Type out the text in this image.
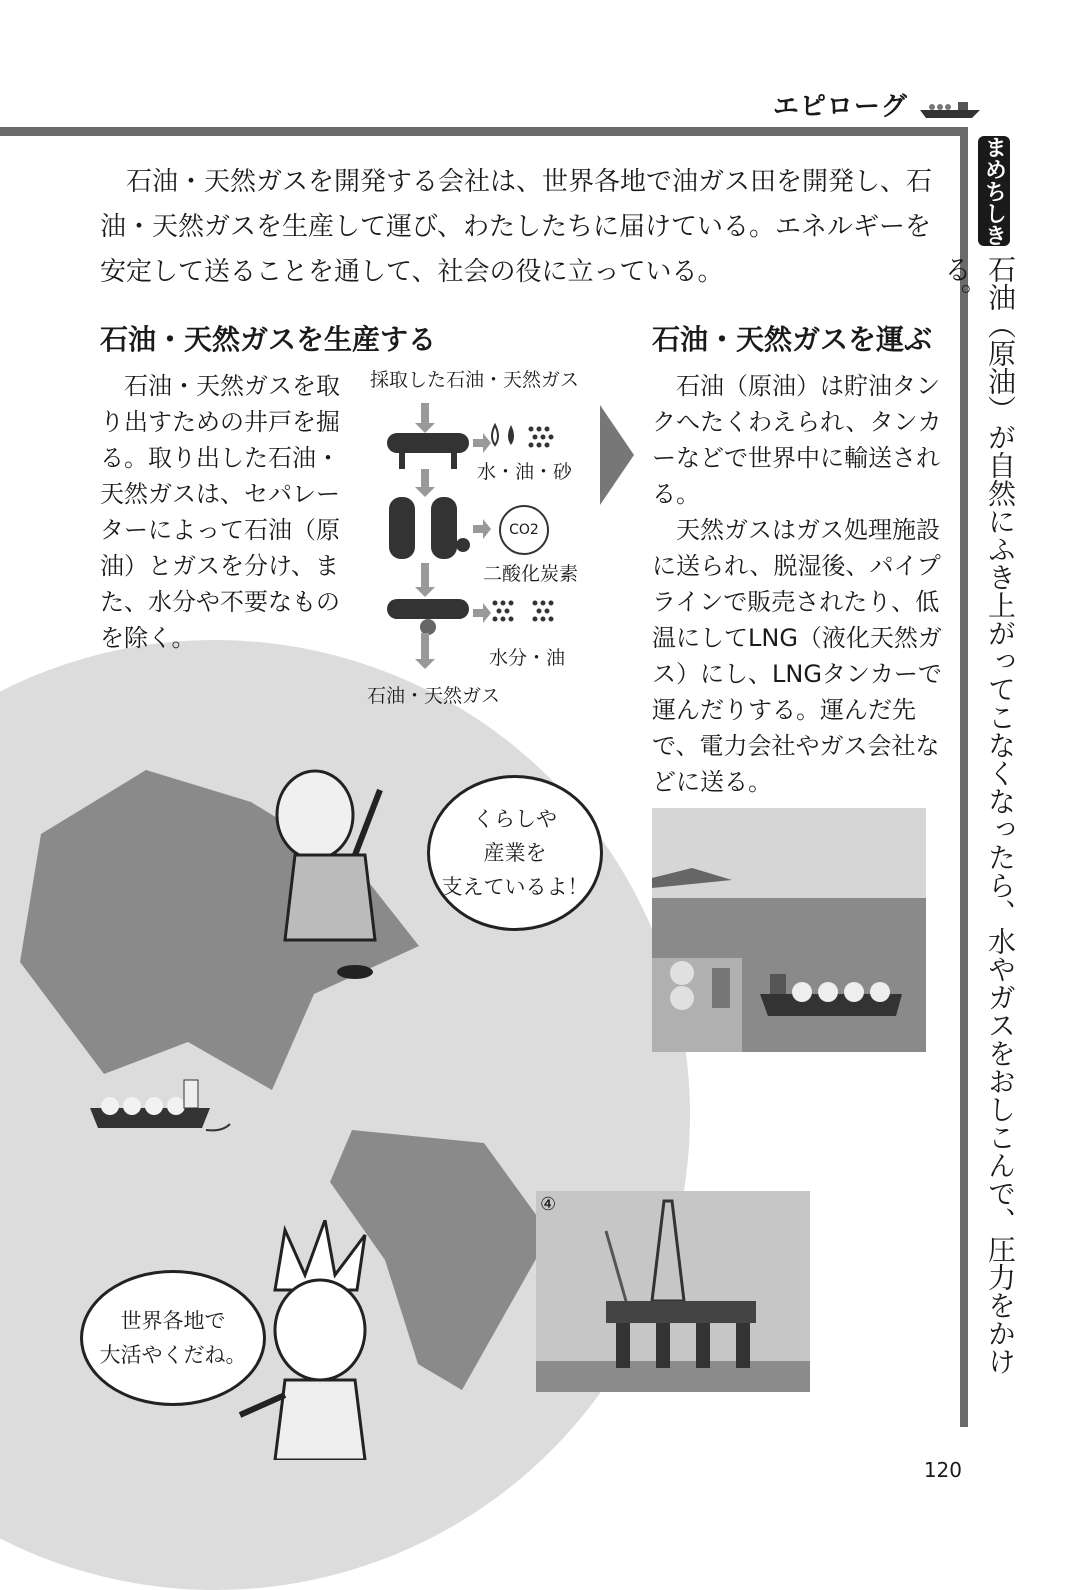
エピローグ

石油・天然ガスを開発する会社は、世界各地で油ガス田を開発し、石油・天然ガスを生産して運び、わたしたちに届けている。エネルギーを安定して送ることを通して、社会の役に立っている。

石油・天然ガスを生産する

石油・天然ガスを取り出すための井戸を掘る。取り出した石油・天然ガスは、セパレーターによって石油（原油）とガスを分け、また、水分や不要なものを除く。

採取した石油・天然ガス
水・油・砂
CO2
二酸化炭素
水分・油
石油・天然ガス
石油・天然ガスを運ぶ

石油（原油）は貯油タンクへたくわえられ、タンカーなどで世界中に輸送される。

天然ガスはガス処理施設に送られ、脱湿後、パイプラインで販売されたり、低温にしてLNG（液化天然ガス）にし、LNGタンカーで運んだりする。運んだ先で、電力会社やガス会社などに送る。

④
くらしや
産業を
支えているよ！
世界各地で
大活やくだね。
まめちしき
石油（原油）が自然にふき上がってこなくなったら、水やガスをおしこんで、圧力をかける。
120
